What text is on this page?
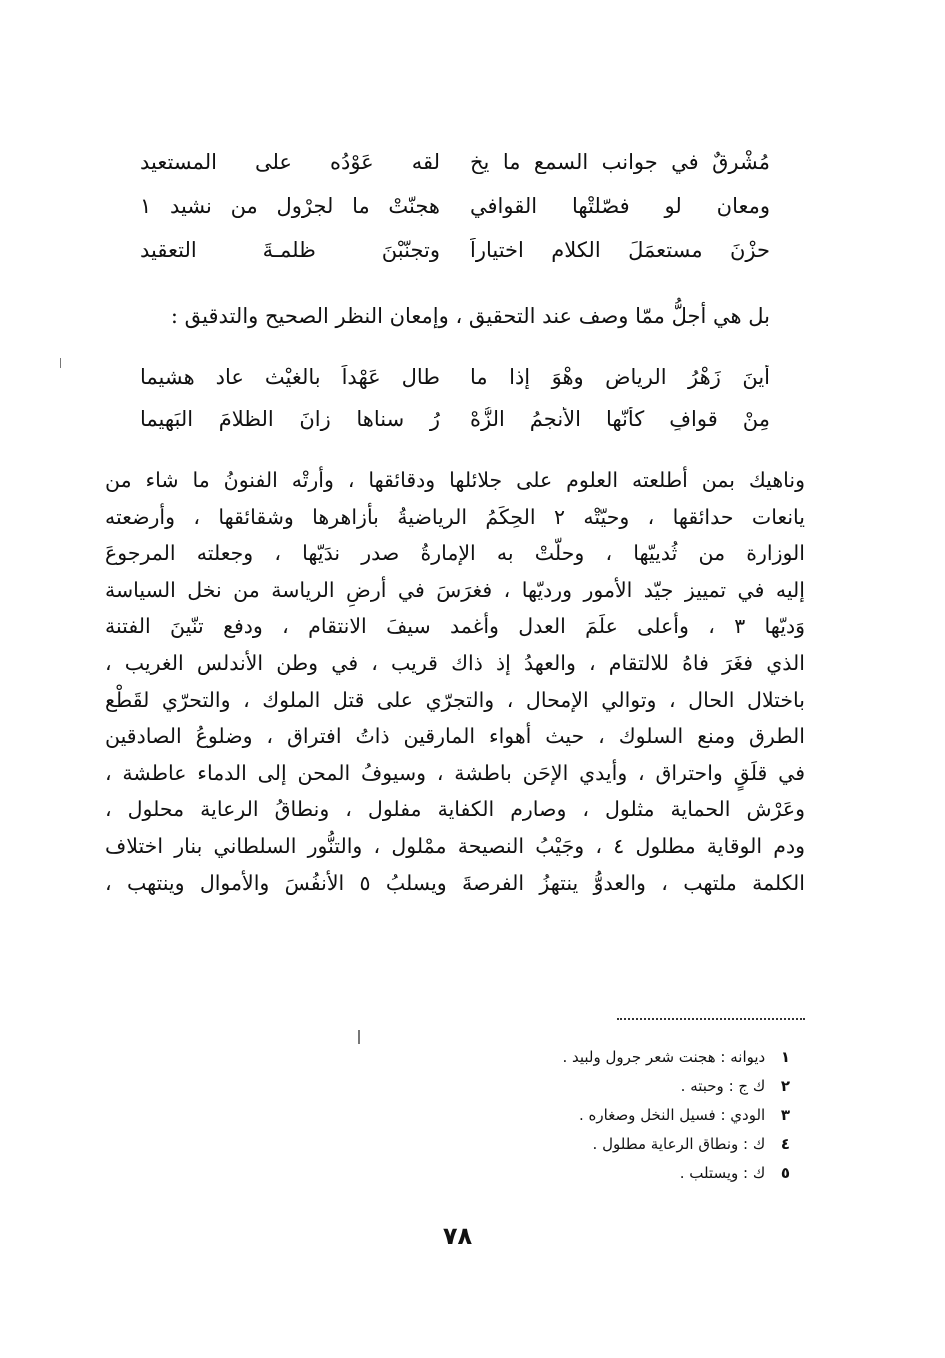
مُشْرِقٌ في جوانب السمع ما يخ
لقه عَوْدُه على المستعيد
ومعانٍ لو فصّلتْها القوافي
هجنّتْ ما لجرْول من نشيد ١
حزْنَ مستعمَلَ الكلام اختياراً
وتجنّبْنَ ظلمـةَ التعقيد
بل هي أجلُّ ممّا وصف عند التحقيق ، وإمعان النظر الصحيح والتدقيق :
أينَ زَهْرُ الرياض وهْوَ إذا ما
طال عَهْداً بالغيْث عاد هشيما
مِنْ قوافٍ كأنّها الأنجمُ الزُّهْ
رُ سناها زانَ الظلامَ البَهيما
وناهيك بمن أطلعته العلوم على جلائلها ودقائقها ، وأرتْه الفنونُ ما شاء من
يانعات حدائقها ، وحيّتْه ٢ الحِكَمُ الرياضيةُ بأزاهرها وشقائقها ، وأرضعته
الوزارة من ثُدييّها ، وحلّتْ به الإمارةُ صدر ندَيّها ، وجعلته المرجوعَ
إليه في تمييز جيّد الأمور ورديّها ، فغرَسَ في أرضِ الرياسة من نخل السياسة
وَديّها ٣ ، وأعلى علَمَ العدل وأغمد سيفَ الانتقام ، ودفع تنّينَ الفتنة
الذي فغَرَ فاهُ للالتقام ، والعهدُ إذ ذاك قريب ، في وطن الأندلس الغريب ،
باختلال الحال ، وتوالي الإمحال ، والتجرّي على قتل الملوك ، والتحرّي لقَطْع
الطرق ومنع السلوك ، حيث أهواء المارقين ذاتُ افتراق ، وضلوعُ الصادقين
في قلَقٍ واحتراق ، وأيدي الإحَن باطشة ، وسيوفُ المحن إلى الدماء عاطشة ،
وعَرْش الحماية مثلول ، وصارم الكفاية مفلول ، ونطاقُ الرعاية محلول ،
ودم الوقاية مطلول ٤ ، وجَيْبُ النصيحة ممْلول ، والتنُّور السلطاني بنار اختلاف
الكلمة ملتهب ، والعدوُّ ينتهزُ الفرصةَ ويسلبُ ٥ الأنفُسَ والأموال وينتهب ،
١ ديوانه : هجنت شعر جرول ولبيد .
٢ ك ج : وحبته .
٣ الودي : فسيل النخل وصغاره .
٤ ك : ونطاق الرعاية مطلول .
٥ ك : ويستلب .
٧٨
